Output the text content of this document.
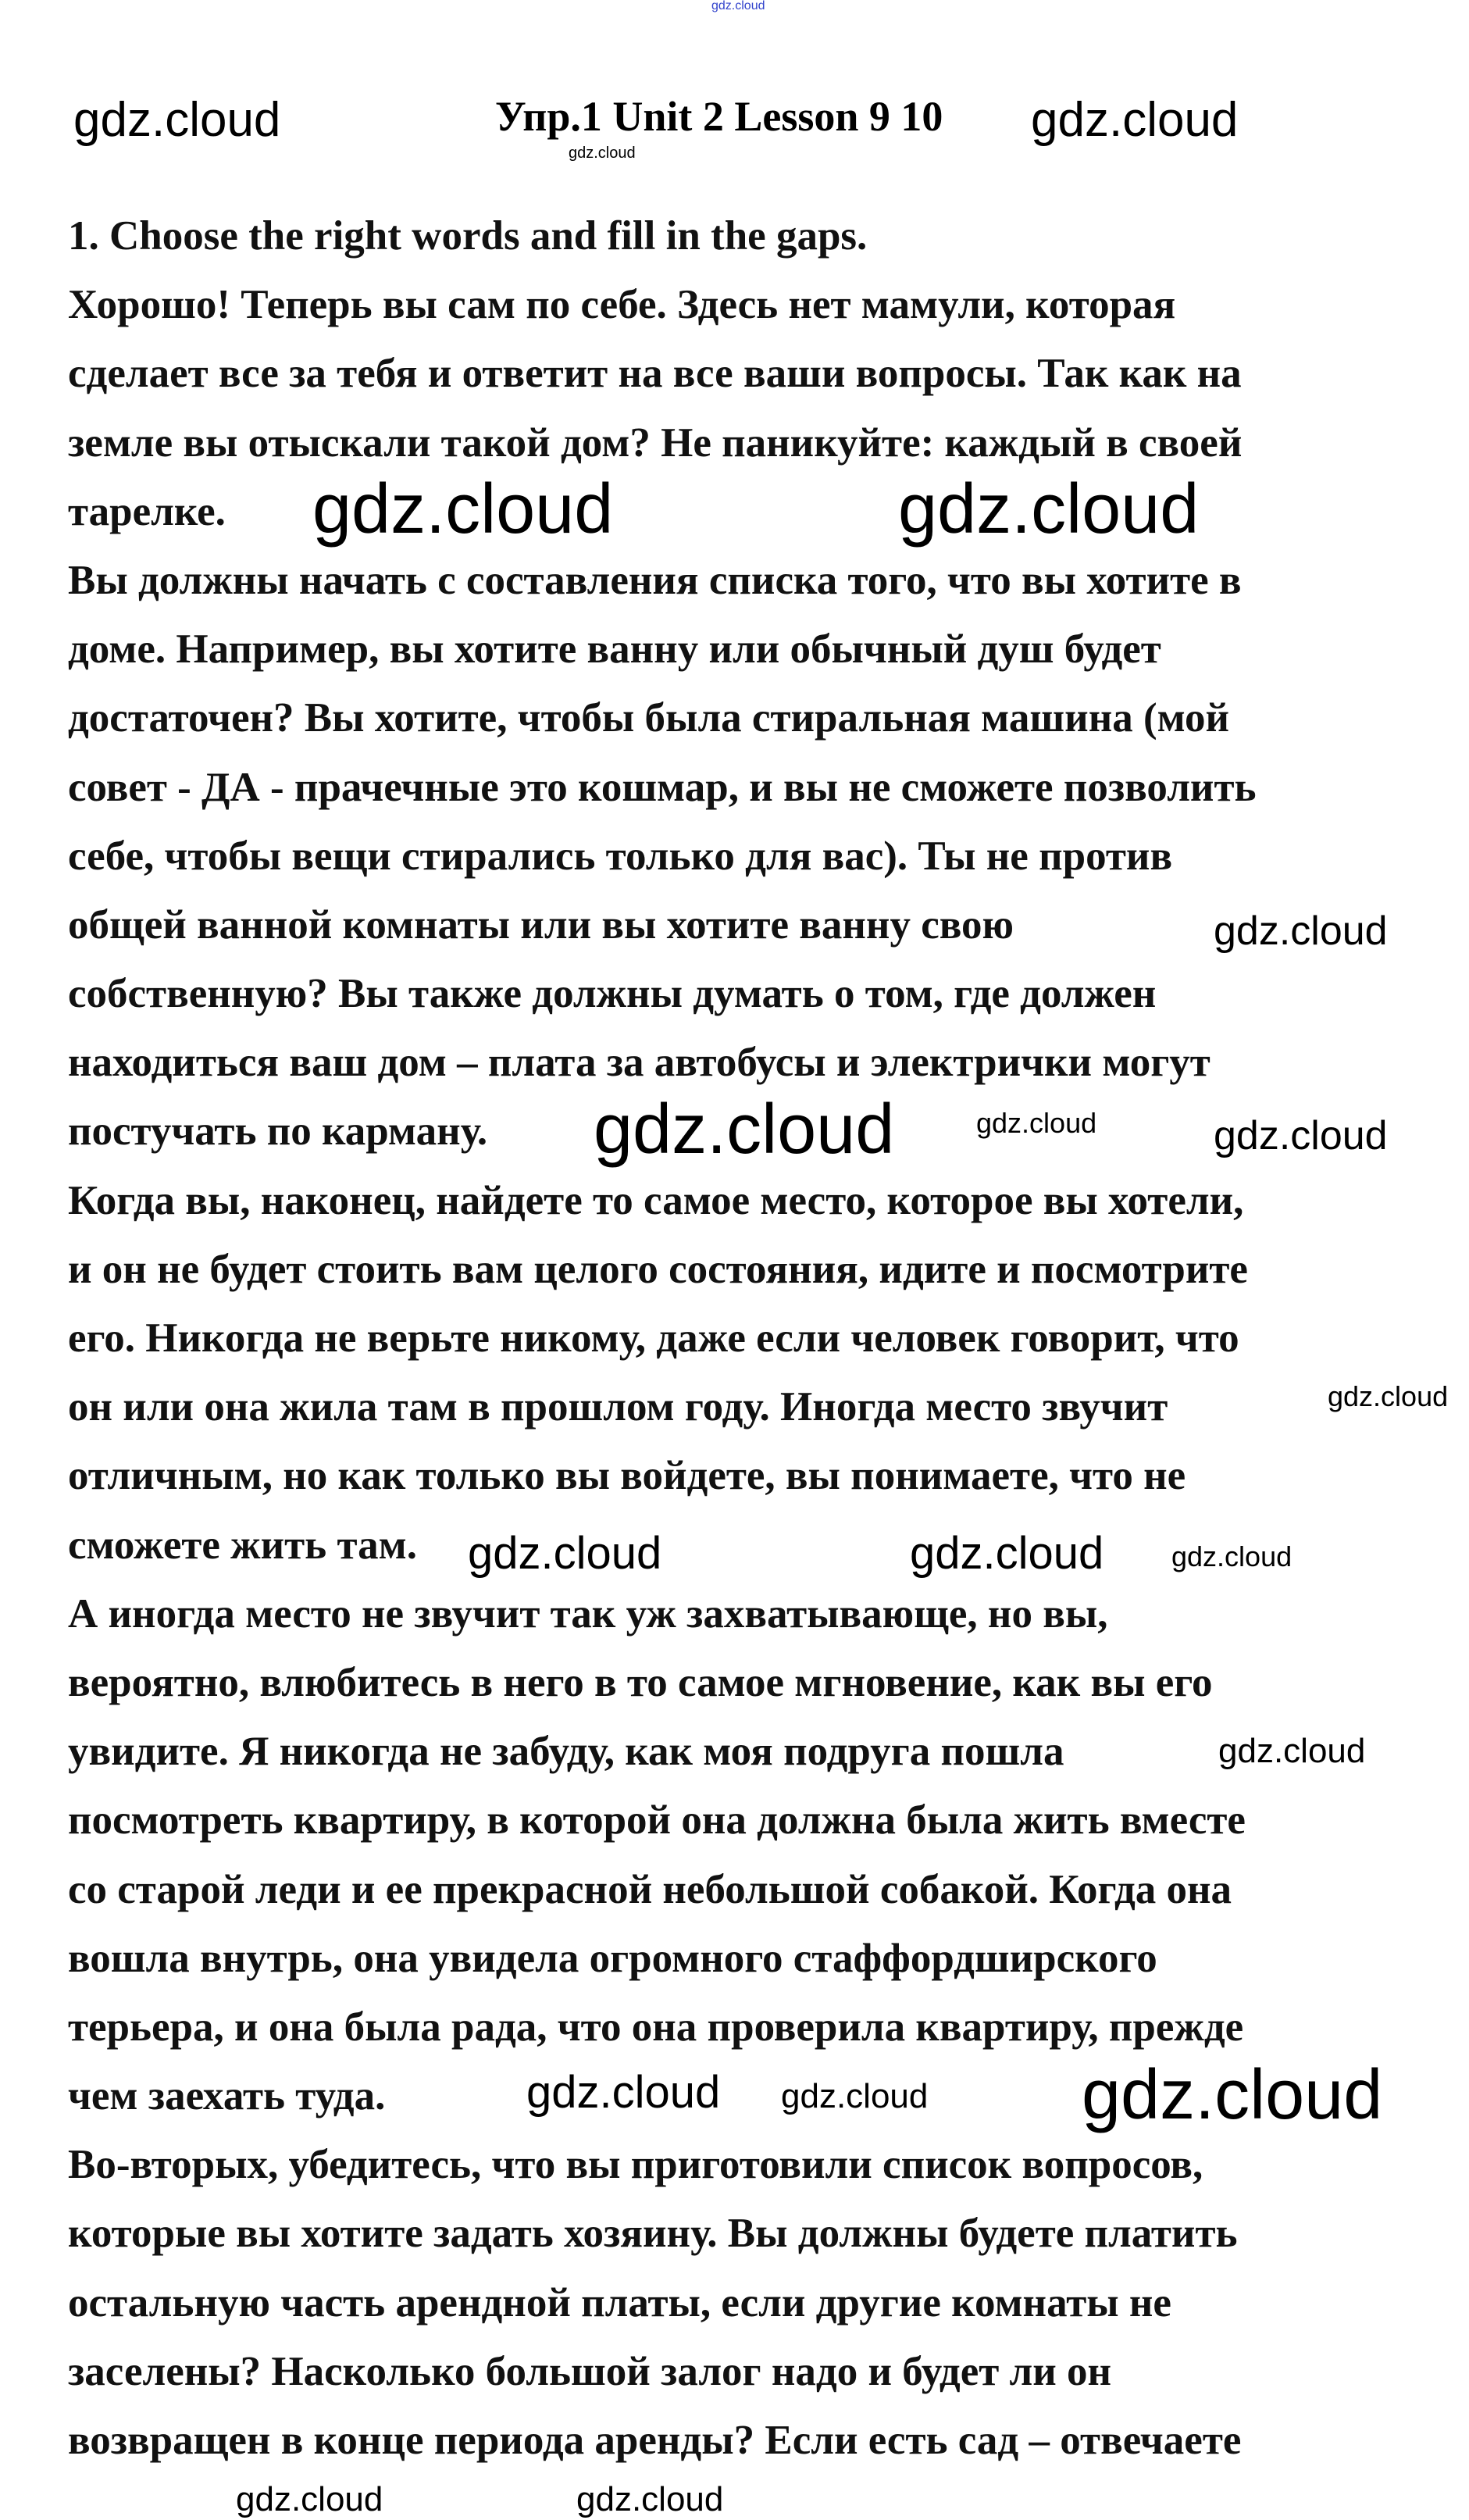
Упр.1 Unit 2 Lesson 9 10
1. Choose the right words and fill in the gaps.
Хорошо! Теперь вы сам по себе. Здесь нет мамули, которая
сделает все за тебя и ответит на все ваши вопросы. Так как на
земле вы отыскали такой дом? Не паникуйте: каждый в своей
тарелке.
Вы должны начать с составления списка того, что вы хотите в
доме. Например, вы хотите ванну или обычный душ будет
достаточен? Вы хотите, чтобы была стиральная машина (мой
совет - ДА - прачечные это кошмар, и вы не сможете позволить
себе, чтобы вещи стирались только для вас). Ты не против
общей ванной комнаты или вы хотите ванну свою
собственную? Вы также должны думать о том, где должен
находиться ваш дом – плата за автобусы и электрички могут
постучать по карману.
Когда вы, наконец, найдете то самое место, которое вы хотели,
и он не будет стоить вам целого состояния, идите и посмотрите
его. Никогда не верьте никому, даже если человек говорит, что
он или она жила там в прошлом году. Иногда место звучит
отличным, но как только вы войдете, вы понимаете, что не
сможете жить там.
А иногда место не звучит так уж захватывающе, но вы,
вероятно, влюбитесь в него в то самое мгновение, как вы его
увидите. Я никогда не забуду, как моя подруга пошла
посмотреть квартиру, в которой она должна была жить вместе
со старой леди и ее прекрасной небольшой собакой. Когда она
вошла внутрь, она увидела огромного стаффордширского
терьера, и она была рада, что она проверила квартиру, прежде
чем заехать туда.
Во-вторых, убедитесь, что вы приготовили список вопросов,
которые вы хотите задать хозяину. Вы должны будете платить
остальную часть арендной платы, если другие комнаты не
заселены? Насколько большой залог надо и будет ли он
возвращен в конце периода аренды? Если есть сад – отвечаете
gdz.cloud
gdz.cloud	gdz.cloud
gdz.cloud
gdz.cloud	gdz.cloud
gdz.cloud
gdz.cloud
gdz.cloud	gdz.cloud
gdz.cloud
gdz.cloud	gdz.cloud gdz.cloud
gdz.cloud
gdz.cloud	gdz.cloud
gdz.cloud
gdz.cloud	gdz.cloud
